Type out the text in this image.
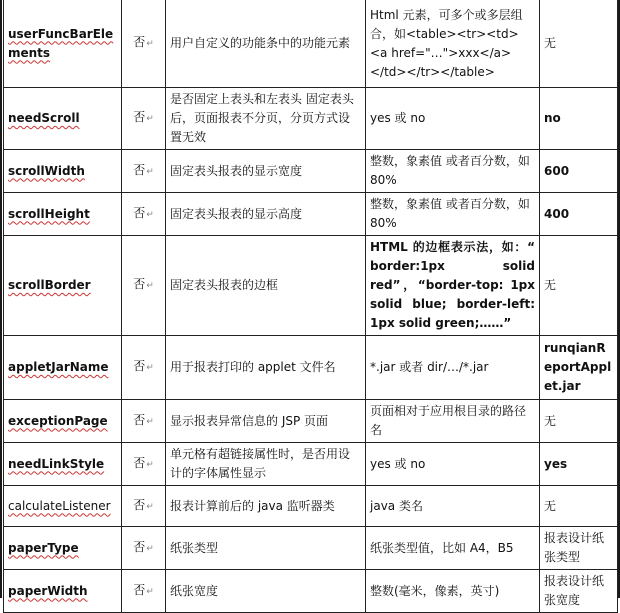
userFuncBarElements	否↵	用户自定义的功能条中的功能元素	Html 元素，可多个或多层组合，如<table><tr><td><a href="…">xxx</a></td></tr></table>	无
needScroll	否↵	是否固定上表头和左表头 固定表头后，页面报表不分页，分页方式设置无效	yes 或 no	no
scrollWidth	否↵	固定表头报表的显示宽度	整数，象素值 或者百分数，如 80%	600
scrollHeight	否↵	固定表头报表的显示高度	整数，象素值 或者百分数，如 80%	400
scrollBorder	否↵	固定表头报表的边框	HTML 的边框表示法，如：“ border:1px solid red”，“border-top: 1px solid blue; border-left: 1px solid green;……”	无
appletJarName	否↵	用于报表打印的 applet 文件名	*.jar 或者 dir/…/*.jar	runqianReportApplet.jar
exceptionPage	否↵	显示报表异常信息的 JSP 页面	页面相对于应用根目录的路径名	无
needLinkStyle	否↵	单元格有超链接属性时，是否用设计的字体属性显示	yes 或 no	yes
calculateListener	否↵	报表计算前后的 java 监听器类	java 类名	无
paperType	否↵	纸张类型	纸张类型值，比如 A4，B5	报表设计纸张类型
paperWidth	否↵	纸张宽度	整数(毫米，像素，英寸)	报表设计纸张宽度
